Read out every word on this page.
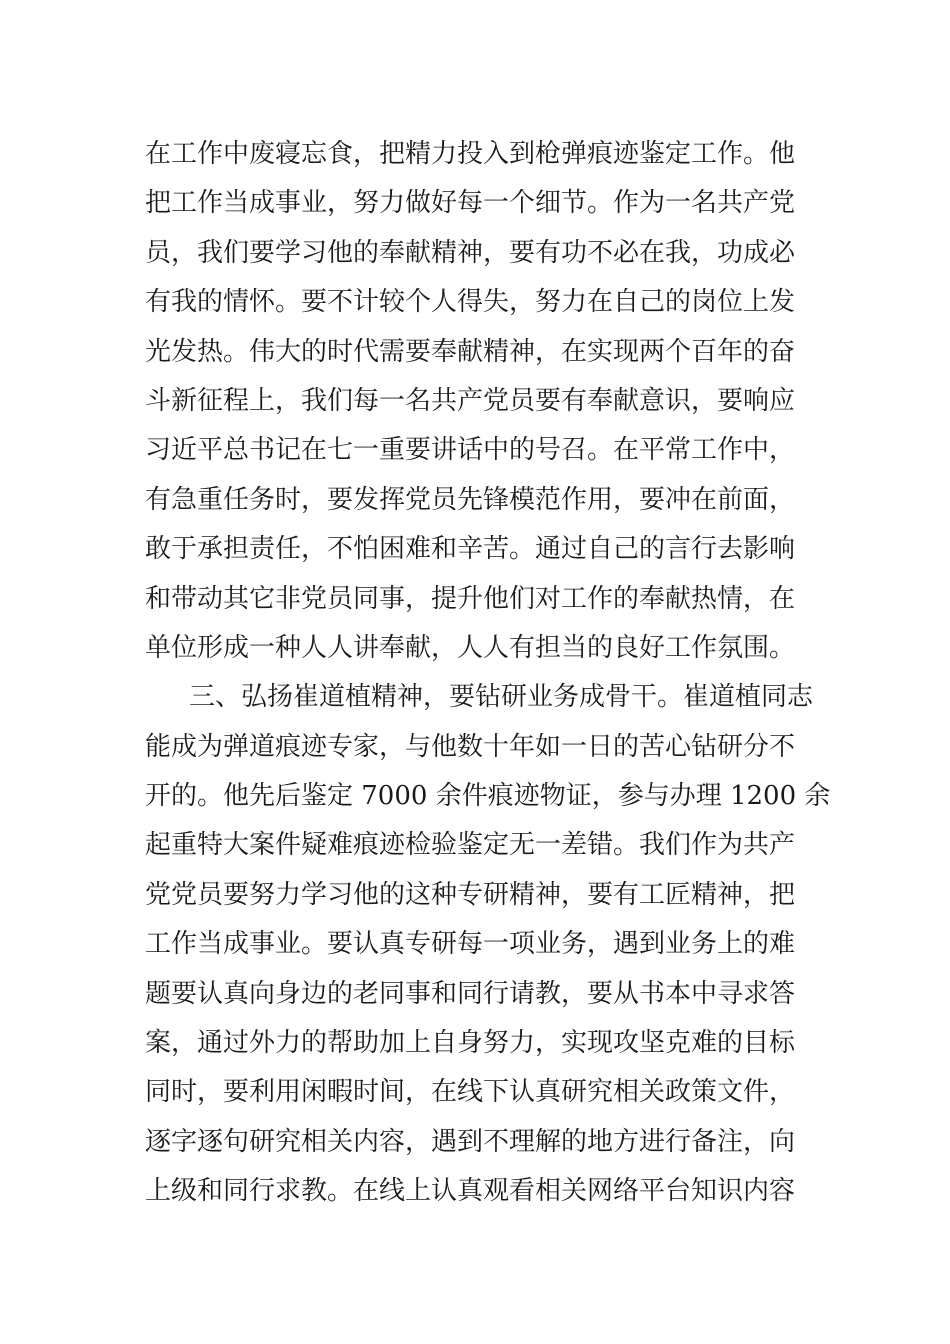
在工作中废寝忘食，把精力投入到枪弹痕迹鉴定工作。他
把工作当成事业，努力做好每一个细节。作为一名共产党
员，我们要学习他的奉献精神，要有功不必在我，功成必
有我的情怀。要不计较个人得失，努力在自己的岗位上发
光发热。伟大的时代需要奉献精神，在实现两个百年的奋
斗新征程上，我们每一名共产党员要有奉献意识，要响应
习近平总书记在七一重要讲话中的号召。在平常工作中，
有急重任务时，要发挥党员先锋模范作用，要冲在前面，
敢于承担责任，不怕困难和辛苦。通过自己的言行去影响
和带动其它非党员同事，提升他们对工作的奉献热情，在
单位形成一种人人讲奉献，人人有担当的良好工作氛围。
三、弘扬崔道植精神，要钻研业务成骨干。崔道植同志
能成为弹道痕迹专家，与他数十年如一日的苦心钻研分不
开的。他先后鉴定 7000 余件痕迹物证，参与办理 1200 余
起重特大案件疑难痕迹检验鉴定无一差错。我们作为共产
党党员要努力学习他的这种专研精神，要有工匠精神，把
工作当成事业。要认真专研每一项业务，遇到业务上的难
题要认真向身边的老同事和同行请教，要从书本中寻求答
案，通过外力的帮助加上自身努力，实现攻坚克难的目标
同时，要利用闲暇时间，在线下认真研究相关政策文件，
逐字逐句研究相关内容，遇到不理解的地方进行备注，向
上级和同行求教。在线上认真观看相关网络平台知识内容
